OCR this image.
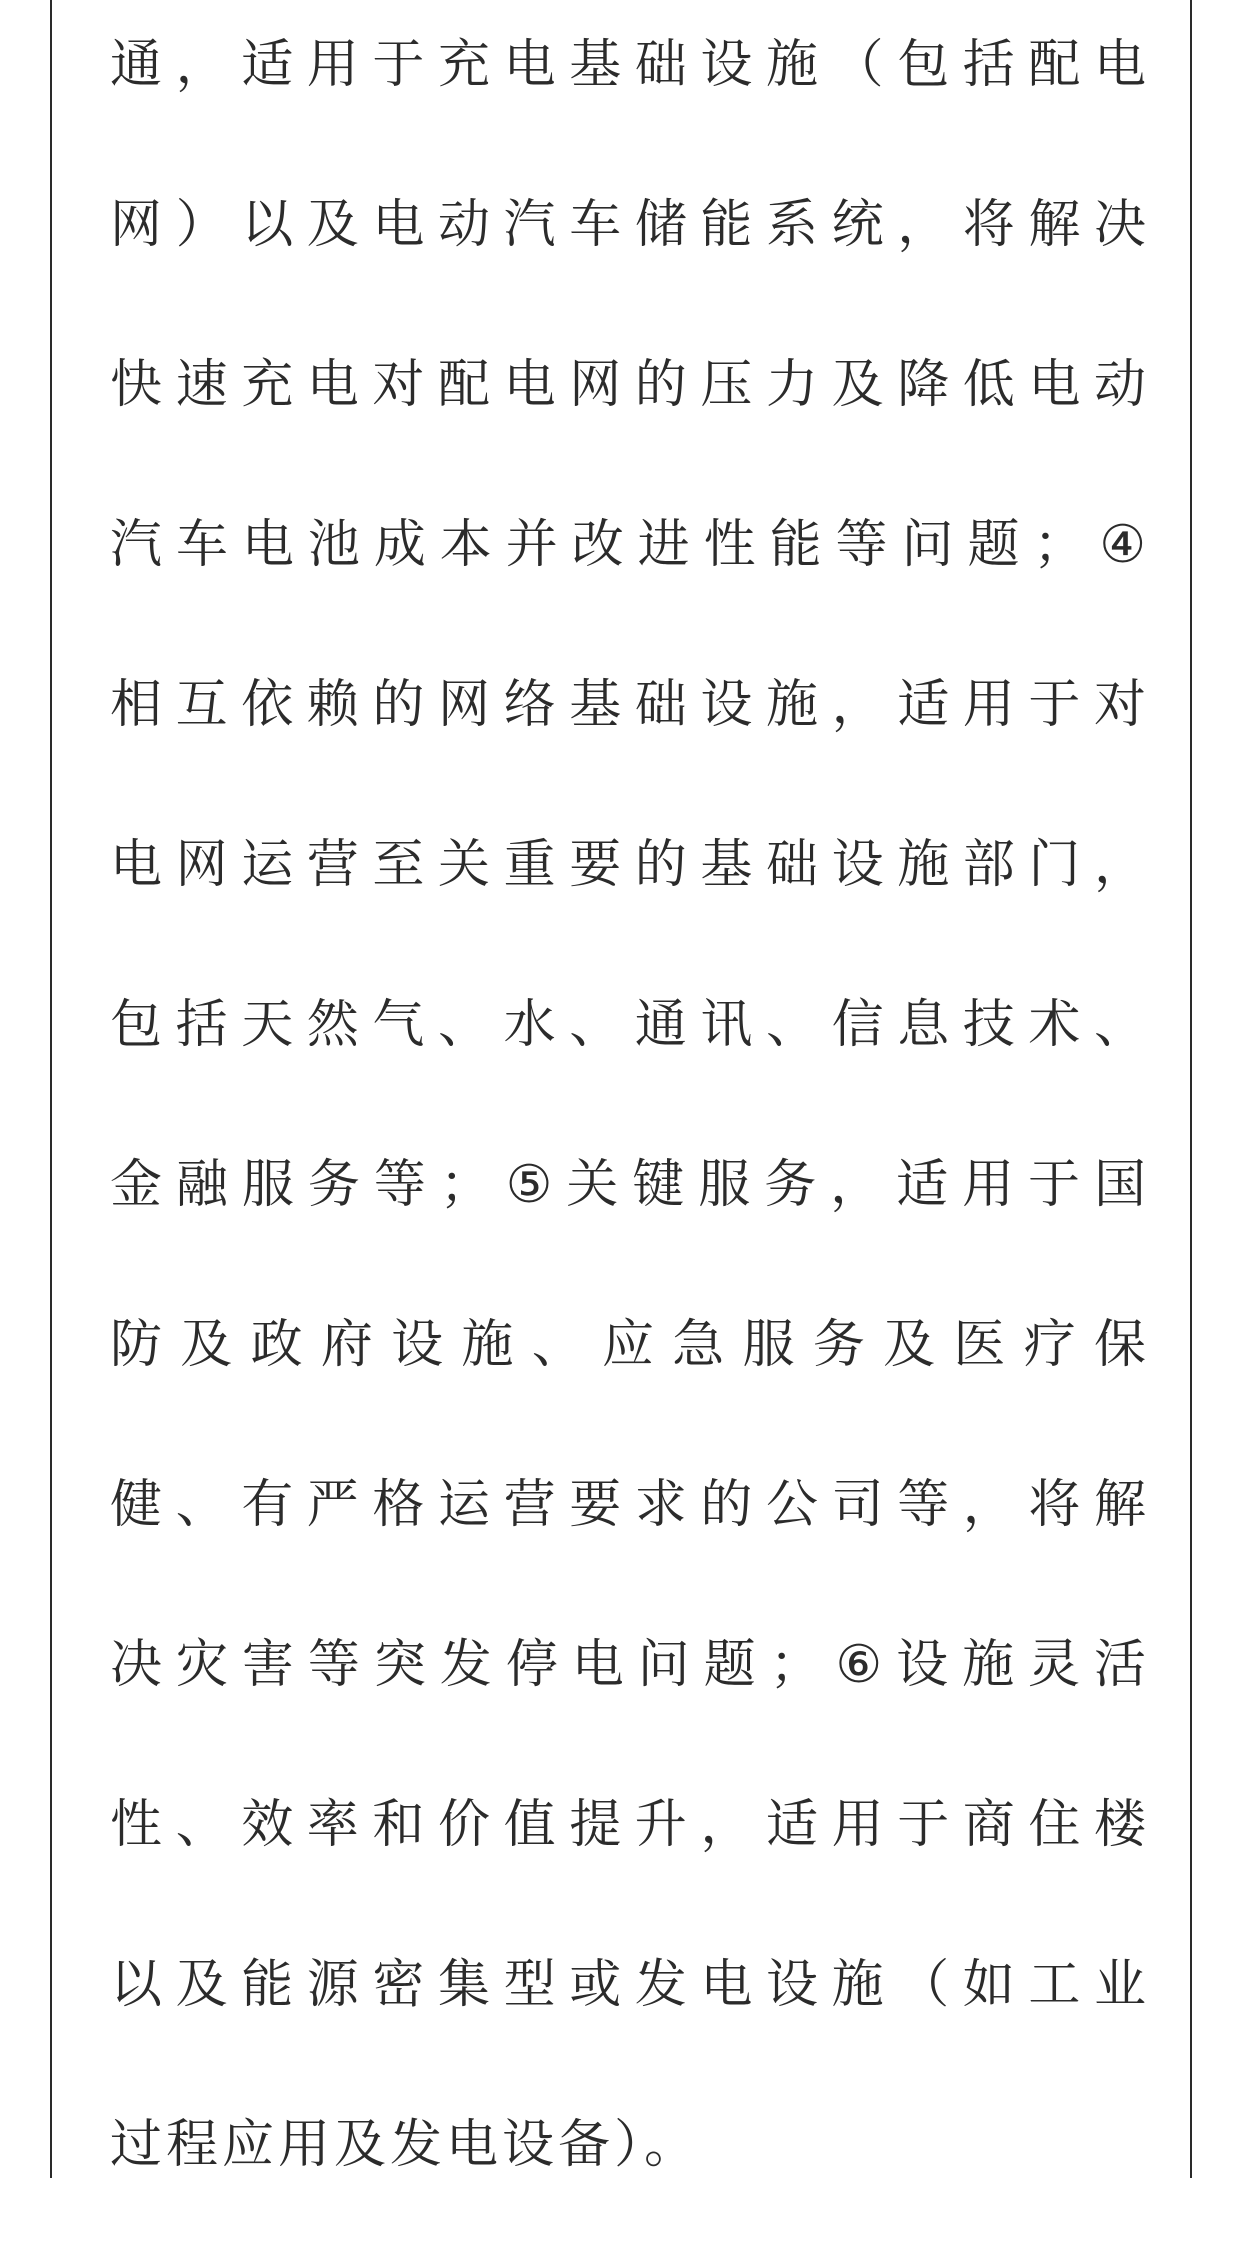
通，适用于充电基础设施（包括配电
网）以及电动汽车储能系统，将解决
快速充电对配电网的压力及降低电动
汽车电池成本并改进性能等问题；④
相互依赖的网络基础设施，适用于对
电网运营至关重要的基础设施部门，
包括天然气、水、通讯、信息技术、
金融服务等；⑤关键服务，适用于国
防及政府设施、应急服务及医疗保
健、有严格运营要求的公司等，将解
决灾害等突发停电问题；⑥设施灵活
性、效率和价值提升，适用于商住楼
以及能源密集型或发电设施（如工业
过程应用及发电设备）。
